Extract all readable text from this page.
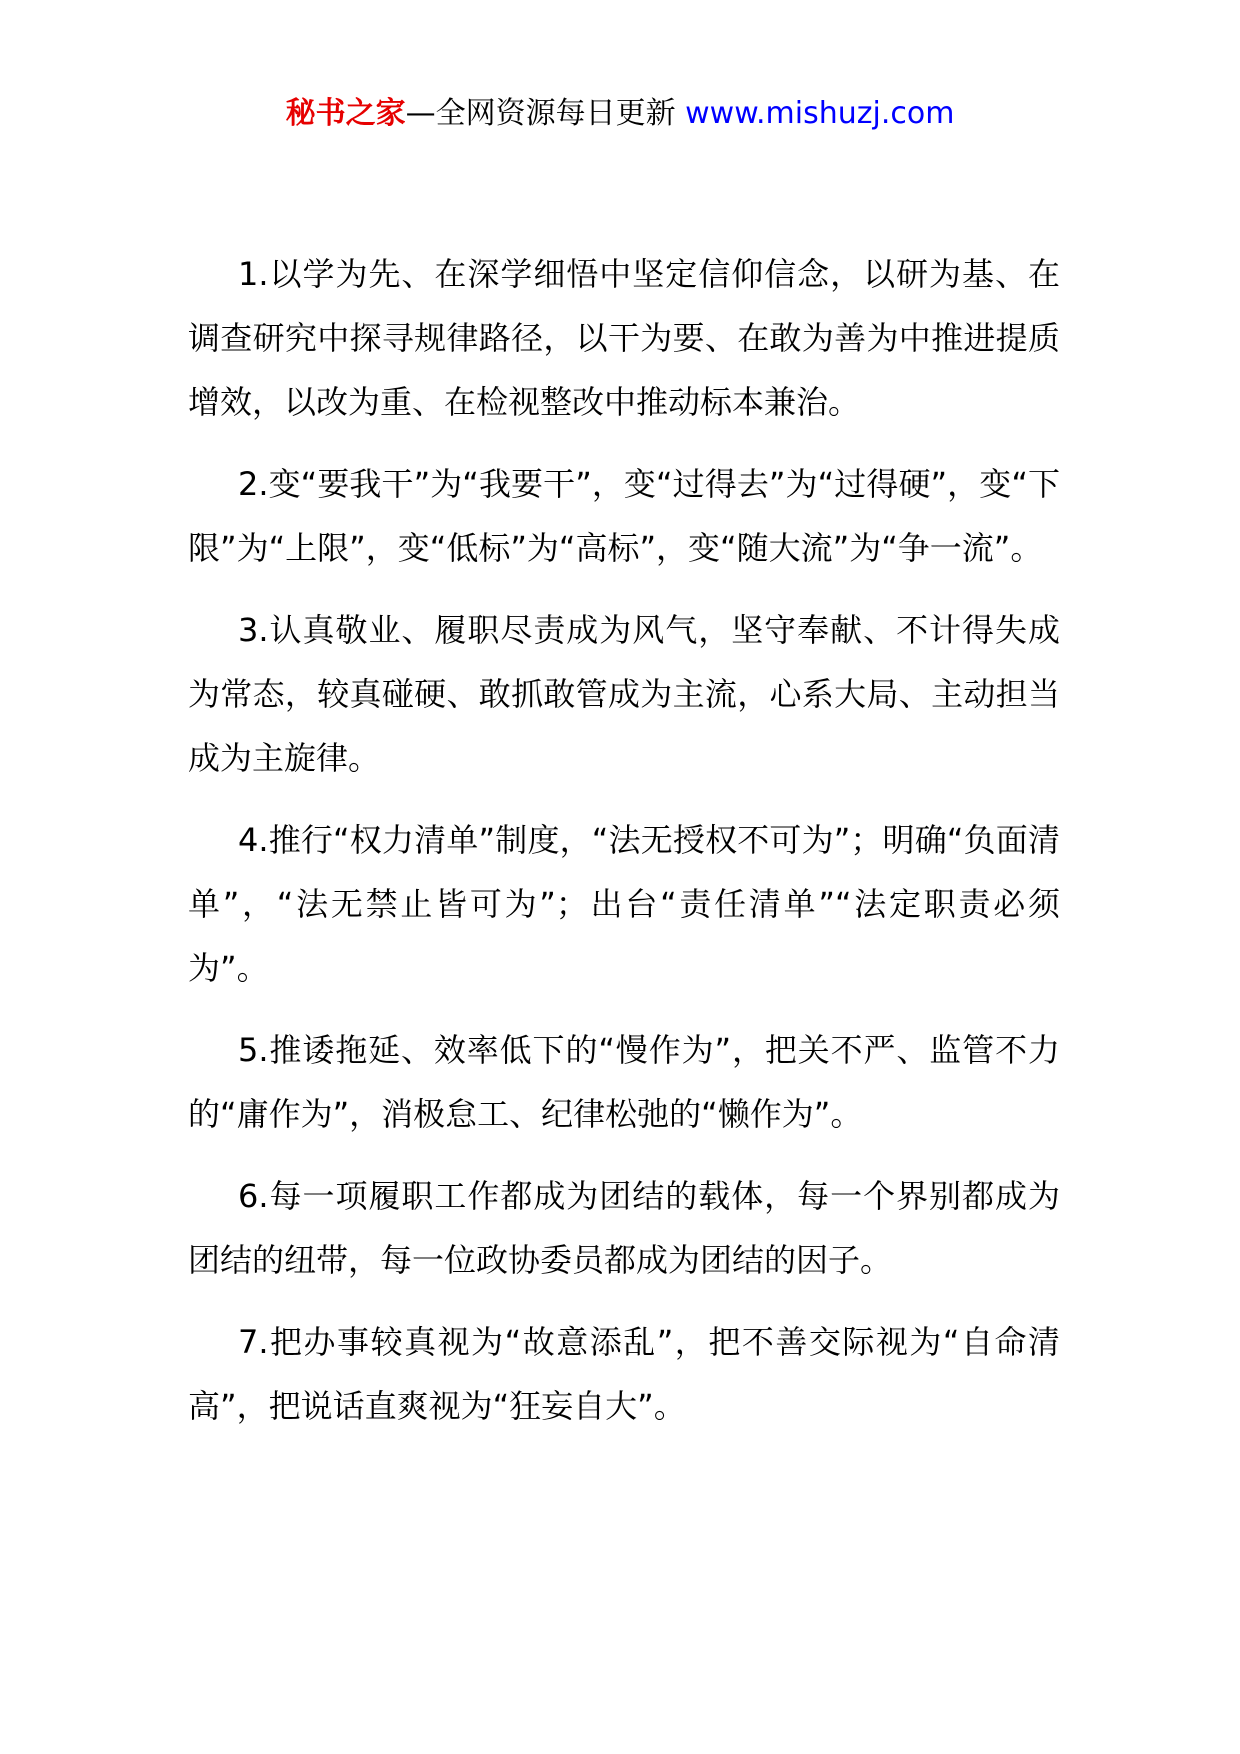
秘书之家—全网资源每日更新 www.mishuzj.com

1.以学为先、在深学细悟中坚定信仰信念，以研为基、在调查研究中探寻规律路径，以干为要、在敢为善为中推进提质增效，以改为重、在检视整改中推动标本兼治。

2.变“要我干”为“我要干”，变“过得去”为“过得硬”，变“下限”为“上限”，变“低标”为“高标”，变“随大流”为“争一流”。

3.认真敬业、履职尽责成为风气，坚守奉献、不计得失成为常态，较真碰硬、敢抓敢管成为主流，心系大局、主动担当成为主旋律。

4.推行“权力清单”制度，“法无授权不可为”；明确“负面清单”，“法无禁止皆可为”；出台“责任清单”“法定职责必须为”。

5.推诿拖延、效率低下的“慢作为”，把关不严、监管不力的“庸作为”，消极怠工、纪律松弛的“懒作为”。

6.每一项履职工作都成为团结的载体，每一个界别都成为团结的纽带，每一位政协委员都成为团结的因子。

7.把办事较真视为“故意添乱”，把不善交际视为“自命清高”，把说话直爽视为“狂妄自大”。
